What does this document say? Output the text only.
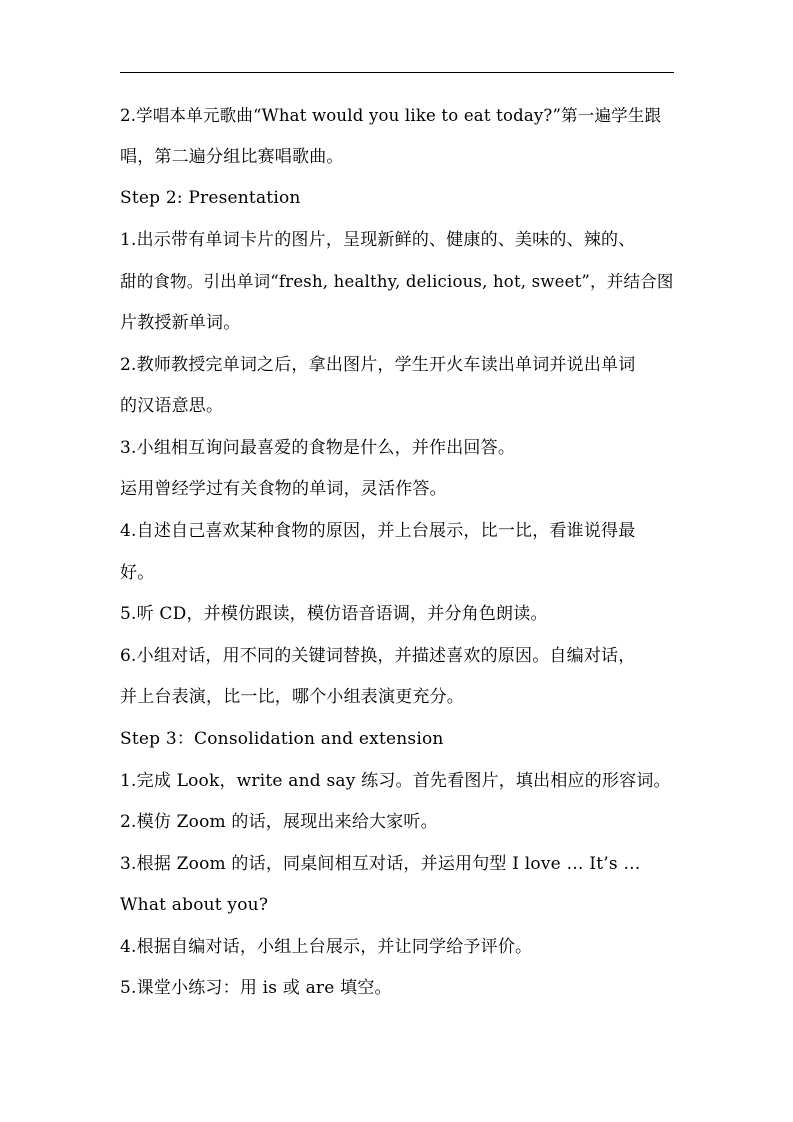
2.学唱本单元歌曲“What would you like to eat today?”第一遍学生跟
唱，第二遍分组比赛唱歌曲。
Step 2: Presentation
1.出示带有单词卡片的图片，呈现新鲜的、健康的、美味的、辣的、
甜的食物。引出单词“fresh, healthy, delicious, hot, sweet”，并结合图
片教授新单词。
2.教师教授完单词之后，拿出图片，学生开火车读出单词并说出单词
的汉语意思。
3.小组相互询问最喜爱的食物是什么，并作出回答。
运用曾经学过有关食物的单词，灵活作答。
4.自述自己喜欢某种食物的原因，并上台展示，比一比，看谁说得最
好。
5.听 CD，并模仿跟读，模仿语音语调，并分角色朗读。
6.小组对话，用不同的关键词替换，并描述喜欢的原因。自编对话，
并上台表演，比一比，哪个小组表演更充分。
Step 3：Consolidation and extension
1.完成 Look，write and say 练习。首先看图片，填出相应的形容词。
2.模仿 Zoom 的话，展现出来给大家听。
3.根据 Zoom 的话，同桌间相互对话，并运用句型 I love … It’s …
What about you?
4.根据自编对话，小组上台展示，并让同学给予评价。
5.课堂小练习：用 is 或 are 填空。
